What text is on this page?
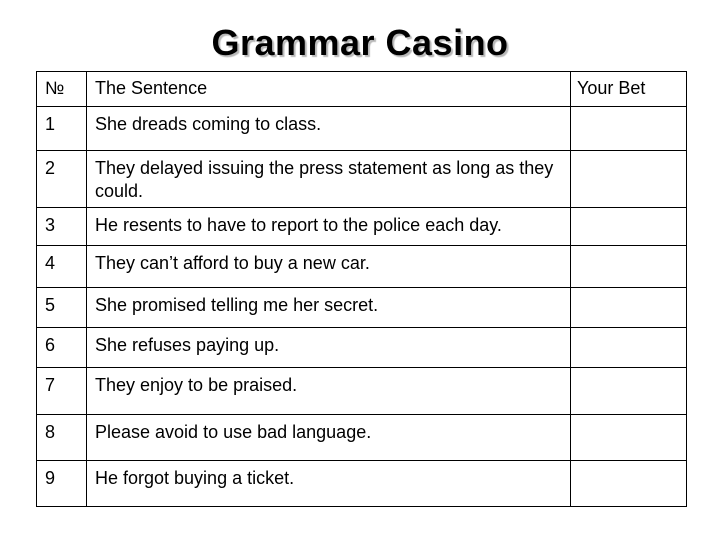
Grammar Casino
№	The Sentence	Your Bet
1	She dreads coming to class.	
2	They delayed issuing the press statement as long as they could.	
3	He resents to have to report to the police each day.	
4	They can’t afford to buy a new car.	
5	She promised telling me her secret.	
6	She refuses paying up.	
7	They enjoy to be praised.	
8	Please avoid to use bad language.	
9	He forgot buying a ticket.	
